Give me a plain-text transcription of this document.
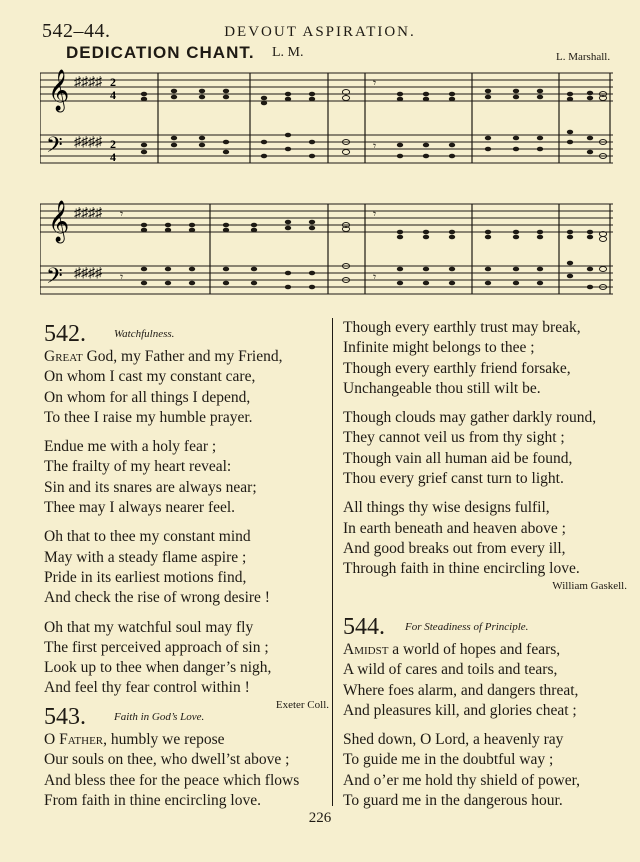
542–44.	DEVOUT ASPIRATION.
DEDICATION CHANT. L. M.	L. Marshall.
𝄞 ♯♯♯♯ 2
4
𝄢 ♯♯♯♯ 2
4
𝄾
𝄾
𝄞 ♯♯♯♯
𝄢 ♯♯♯♯
𝄾	𝄾
𝄾	𝄾
542.	Watchfulness.
Great God, my Father and my Friend,
On whom I cast my constant care,
On whom for all things I depend,
To thee I raise my humble prayer.
Endue me with a holy fear ;
The frailty of my heart reveal:
Sin and its snares are always near;
Thee may I always nearer feel.
Oh that to thee my constant mind
May with a steady flame aspire ;
Pride in its earliest motions find,
And check the rise of wrong desire !
Oh that my watchful soul may fly
The first perceived approach of sin ;
Look up to thee when danger’s nigh,
And feel thy fear control within !
Exeter Coll.
543.	Faith in God’s Love.
O Father, humbly we repose
Our souls on thee, who dwell’st above ;
And bless thee for the peace which flows
From faith in thine encircling love.
Though every earthly trust may break,
Infinite might belongs to thee ;
Though every earthly friend forsake,
Unchangeable thou still wilt be.
Though clouds may gather darkly round,
They cannot veil us from thy sight ;
Though vain all human aid be found,
Thou every grief canst turn to light.
All things thy wise designs fulfil,
In earth beneath and heaven above ;
And good breaks out from every ill,
Through faith in thine encircling love.
William Gaskell.
544. For Steadiness of Principle.
Amidst a world of hopes and fears,
A wild of cares and toils and tears,
Where foes alarm, and dangers threat,
And pleasures kill, and glories cheat ;
Shed down, O Lord, a heavenly ray
To guide me in the doubtful way ;
And o’er me hold thy shield of power,
To guard me in the dangerous hour.
226
